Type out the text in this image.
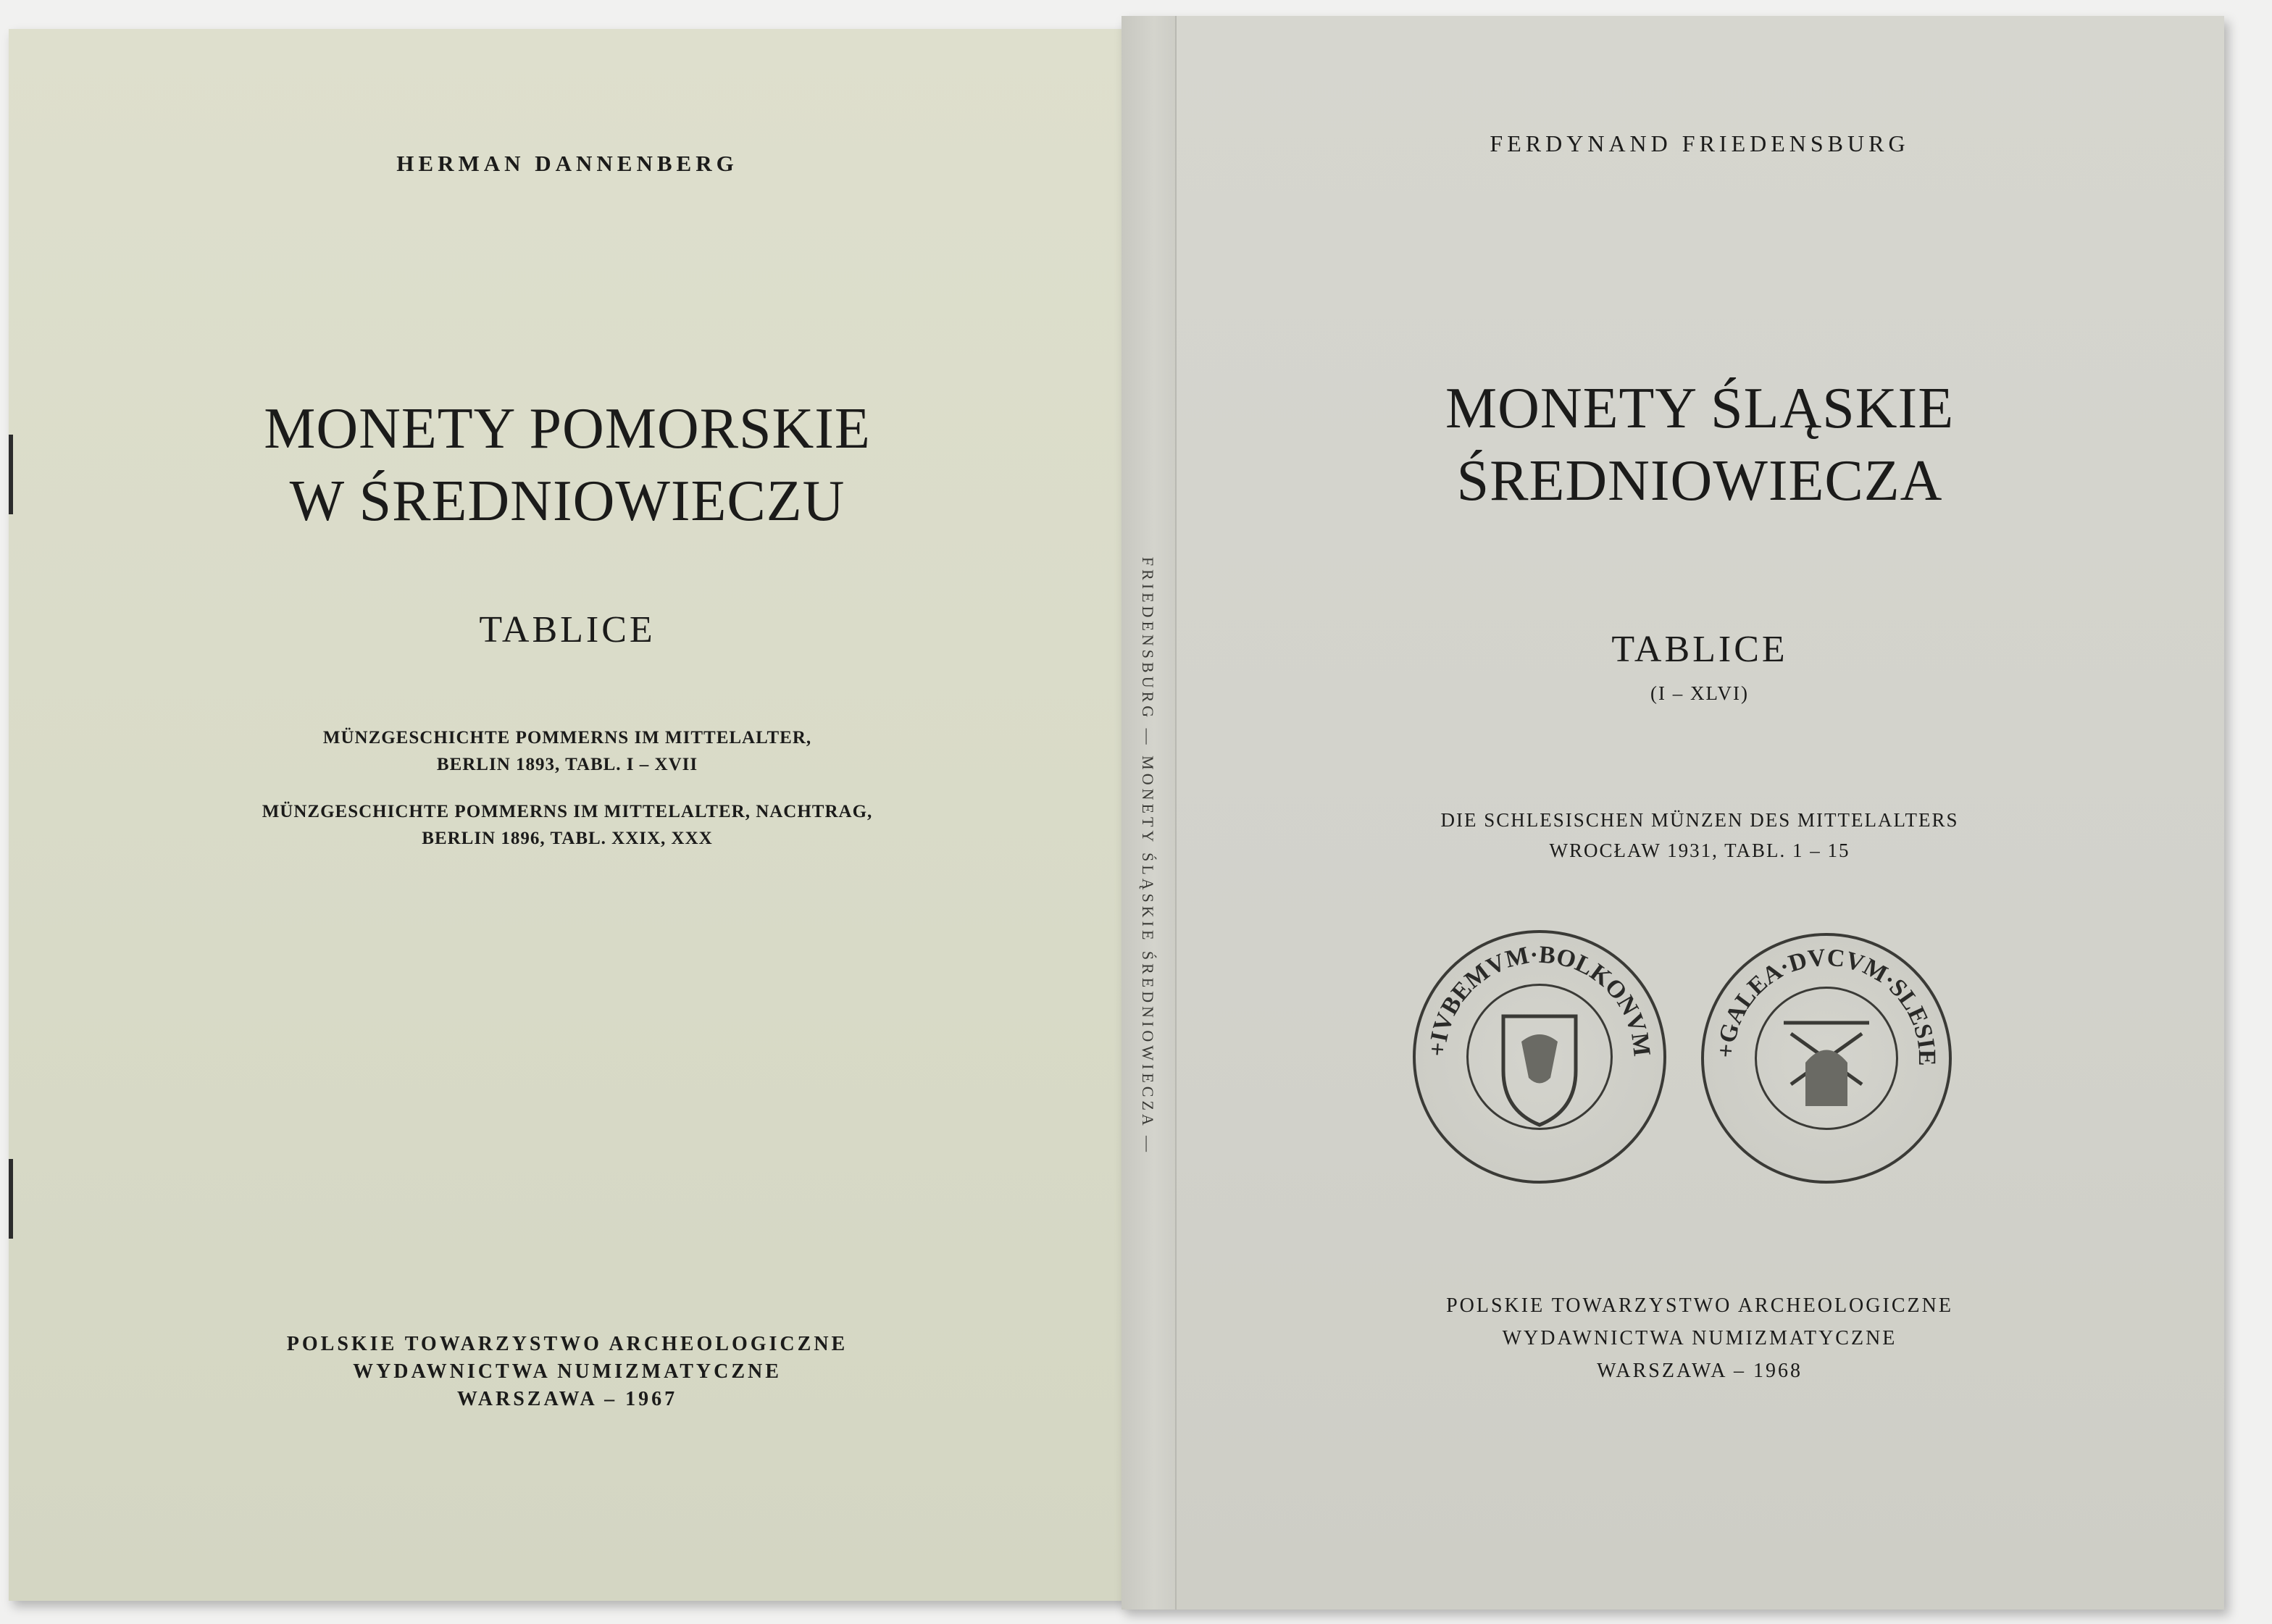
HERMAN DANNENBERG

MONETY POMORSKIE

W ŚREDNIOWIECZU

TABLICE

MÜNZGESCHICHTE POMMERNS IM MITTELALTER,

BERLIN 1893, TABL. I – XVII

MÜNZGESCHICHTE POMMERNS IM MITTELALTER, NACHTRAG,

BERLIN 1896, TABL. XXIX, XXX

POLSKIE TOWARZYSTWO ARCHEOLOGICZNE

WYDAWNICTWA NUMIZMATYCZNE

WARSZAWA – 1967

FRIEDENSBURG — MONETY ŚLĄSKIE ŚREDNIOWIECZA —

FERDYNAND FRIEDENSBURG

MONETY ŚLĄSKIE

ŚREDNIOWIECZA

TABLICE

(I – XLVI)

DIE SCHLESISCHEN MÜNZEN DES MITTELALTERS

WROCŁAW 1931, TABL. 1 – 15

+IVBEMVM·BOLKONVM +GALEA·DVCVM·SLESIE

POLSKIE TOWARZYSTWO ARCHEOLOGICZNE

WYDAWNICTWA NUMIZMATYCZNE

WARSZAWA – 1968
